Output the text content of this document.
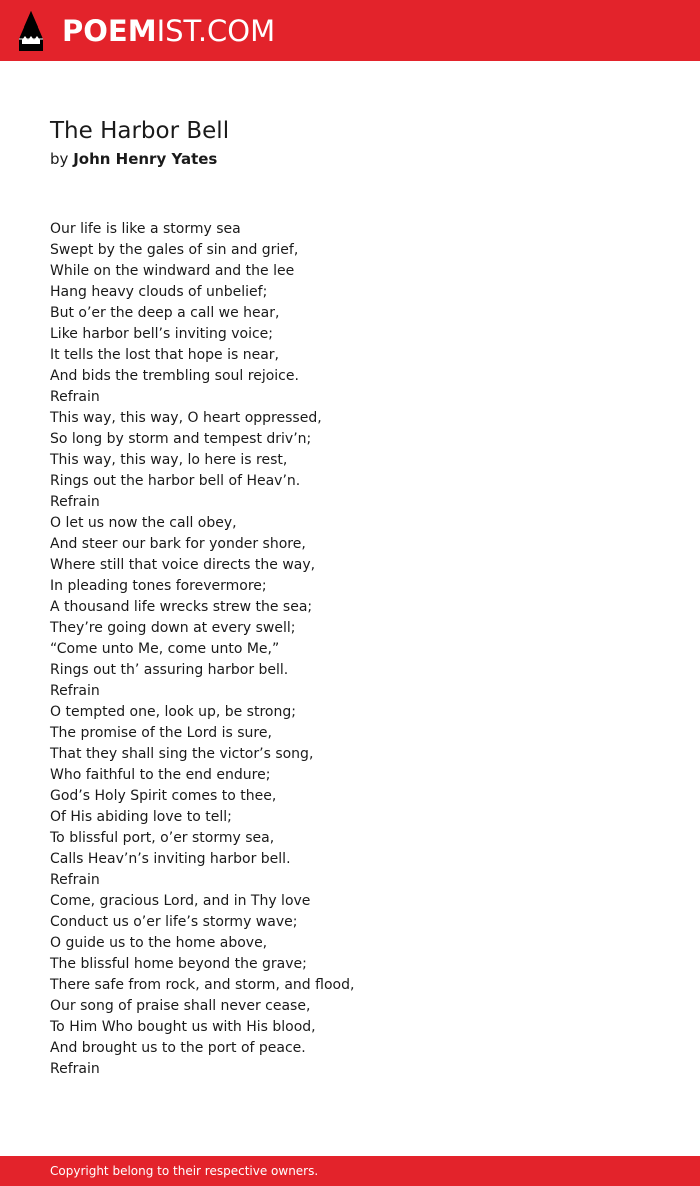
POEMIST.COM
The Harbor Bell

by John Henry Yates

Our life is like a stormy sea
Swept by the gales of sin and grief,
While on the windward and the lee
Hang heavy clouds of unbelief;
But o’er the deep a call we hear,
Like harbor bell’s inviting voice;
It tells the lost that hope is near,
And bids the trembling soul rejoice.
Refrain
This way, this way, O heart oppressed,
So long by storm and tempest driv’n;
This way, this way, lo here is rest,
Rings out the harbor bell of Heav’n.
Refrain
O let us now the call obey,
And steer our bark for yonder shore,
Where still that voice directs the way,
In pleading tones forevermore;
A thousand life wrecks strew the sea;
They’re going down at every swell;
“Come unto Me, come unto Me,”
Rings out th’ assuring harbor bell.
Refrain
O tempted one, look up, be strong;
The promise of the Lord is sure,
That they shall sing the victor’s song,
Who faithful to the end endure;
God’s Holy Spirit comes to thee,
Of His abiding love to tell;
To blissful port, o’er stormy sea,
Calls Heav’n’s inviting harbor bell.
Refrain
Come, gracious Lord, and in Thy love
Conduct us o’er life’s stormy wave;
O guide us to the home above,
The blissful home beyond the grave;
There safe from rock, and storm, and flood,
Our song of praise shall never cease,
To Him Who bought us with His blood,
And brought us to the port of peace.
Refrain
Copyright belong to their respective owners.
